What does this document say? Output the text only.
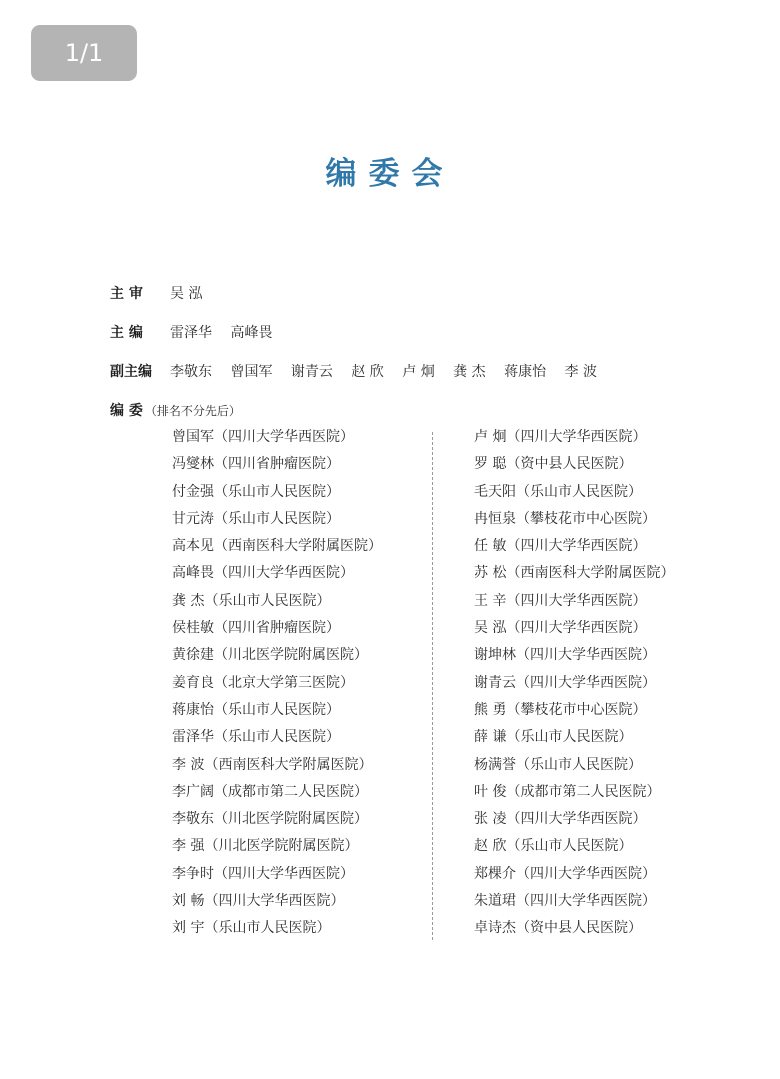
1/1
编委会
主 审	吴 泓
主 编	雷泽华 高峰畏
副主编	李敬东 曾国军 谢青云 赵 欣 卢 炯 龚 杰 蒋康怡 李 波
编 委 （排名不分先后）
曾国军（四川大学华西医院）
冯燮林（四川省肿瘤医院）
付金强（乐山市人民医院）
甘元涛（乐山市人民医院）
高本见（西南医科大学附属医院）
高峰畏（四川大学华西医院）
龚 杰（乐山市人民医院）
侯桂敏（四川省肿瘤医院）
黄徐建（川北医学院附属医院）
姜育良（北京大学第三医院）
蒋康怡（乐山市人民医院）
雷泽华（乐山市人民医院）
李 波（西南医科大学附属医院）
李广阔（成都市第二人民医院）
李敬东（川北医学院附属医院）
李 强（川北医学院附属医院）
李争时（四川大学华西医院）
刘 畅（四川大学华西医院）
刘 宇（乐山市人民医院）
卢 炯（四川大学华西医院）
罗 聪（资中县人民医院）
毛天阳（乐山市人民医院）
冉恒泉（攀枝花市中心医院）
任 敏（四川大学华西医院）
苏 松（西南医科大学附属医院）
王 辛（四川大学华西医院）
吴 泓（四川大学华西医院）
谢坤林（四川大学华西医院）
谢青云（四川大学华西医院）
熊 勇（攀枝花市中心医院）
薛 谦（乐山市人民医院）
杨满誉（乐山市人民医院）
叶 俊（成都市第二人民医院）
张 凌（四川大学华西医院）
赵 欣（乐山市人民医院）
郑棵介（四川大学华西医院）
朱道珺（四川大学华西医院）
卓诗杰（资中县人民医院）
